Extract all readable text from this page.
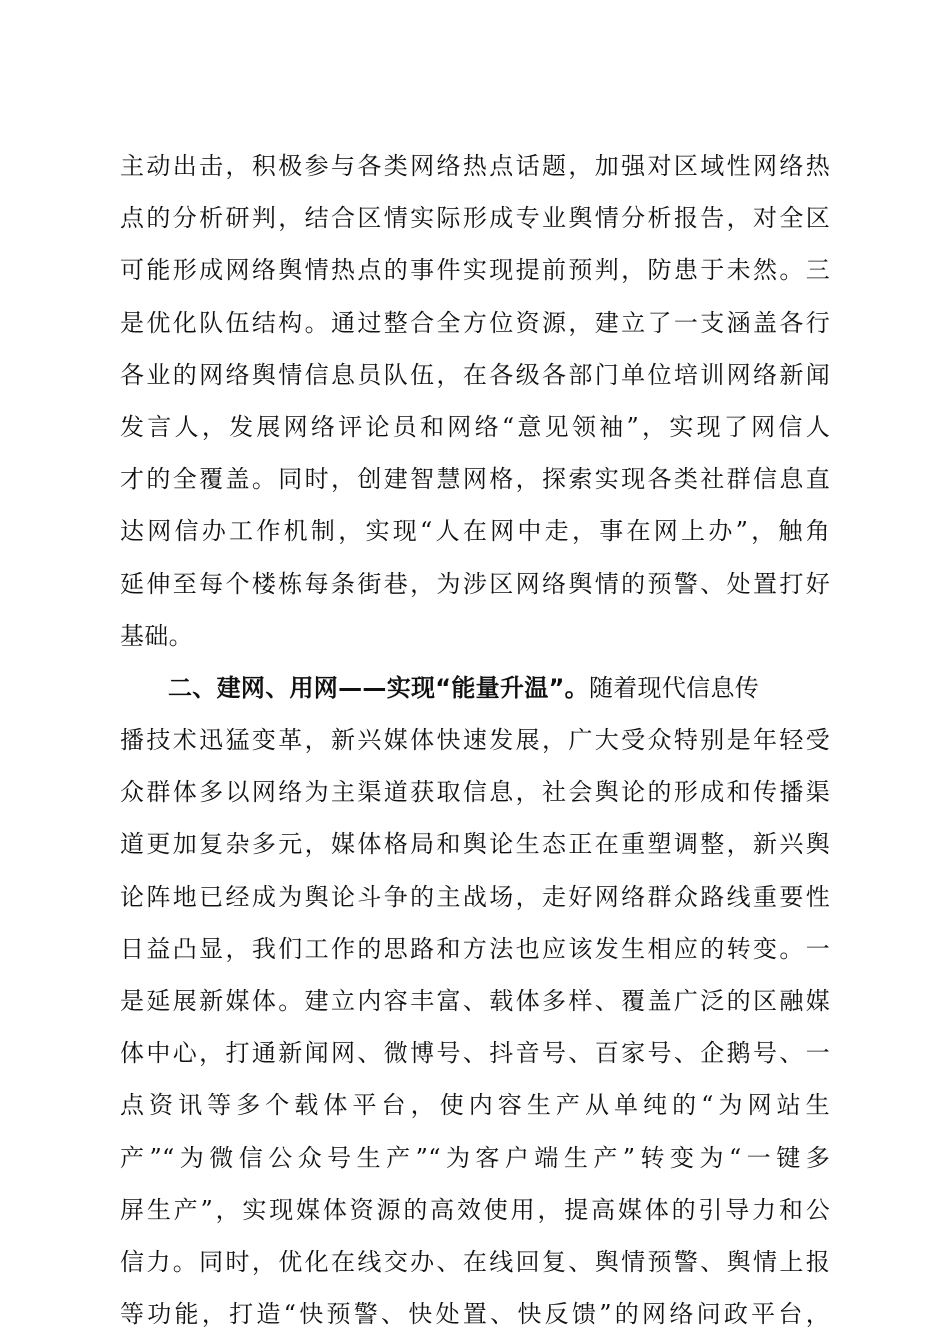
主动出击，积极参与各类网络热点话题，加强对区域性网络热
点的分析研判，结合区情实际形成专业舆情分析报告，对全区
可能形成网络舆情热点的事件实现提前预判，防患于未然。三
是优化队伍结构。通过整合全方位资源，建立了一支涵盖各行
各业的网络舆情信息员队伍，在各级各部门单位培训网络新闻
发言人，发展网络评论员和网络“意见领袖”，实现了网信人
才的全覆盖。同时，创建智慧网格，探索实现各类社群信息直
达网信办工作机制，实现“人在网中走，事在网上办”，触角
延伸至每个楼栋每条街巷，为涉区网络舆情的预警、处置打好
基础。
二、建网、用网——实现“能量升温”。随着现代信息传
播技术迅猛变革，新兴媒体快速发展，广大受众特别是年轻受
众群体多以网络为主渠道获取信息，社会舆论的形成和传播渠
道更加复杂多元，媒体格局和舆论生态正在重塑调整，新兴舆
论阵地已经成为舆论斗争的主战场，走好网络群众路线重要性
日益凸显，我们工作的思路和方法也应该发生相应的转变。一
是延展新媒体。建立内容丰富、载体多样、覆盖广泛的区融媒
体中心，打通新闻网、微博号、抖音号、百家号、企鹅号、一
点资讯等多个载体平台，使内容生产从单纯的“为网站生
产”“为微信公众号生产”“为客户端生产”转变为“一键多
屏生产”，实现媒体资源的高效使用，提高媒体的引导力和公
信力。同时，优化在线交办、在线回复、舆情预警、舆情上报
等功能，打造“快预警、快处置、快反馈”的网络问政平台，
